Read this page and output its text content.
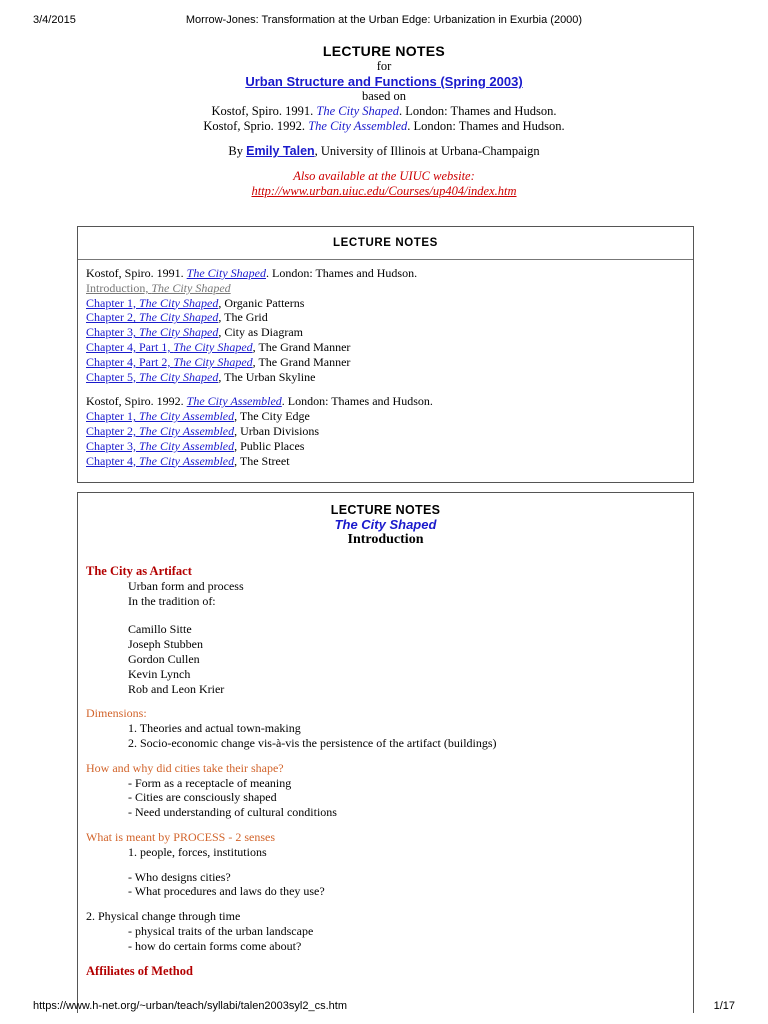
3/4/2015	Morrow-Jones: Transformation at the Urban Edge: Urbanization in Exurbia (2000)
LECTURE NOTES
for
Urban Structure and Functions (Spring 2003)
based on
Kostof, Spiro. 1991. The City Shaped. London: Thames and Hudson.
Kostof, Sprio. 1992. The City Assembled. London: Thames and Hudson.
By Emily Talen, University of Illinois at Urbana-Champaign
Also available at the UIUC website:
http://www.urban.uiuc.edu/Courses/up404/index.htm
LECTURE NOTES
Kostof, Spiro. 1991. The City Shaped. London: Thames and Hudson.
Introduction, The City Shaped
Chapter 1, The City Shaped, Organic Patterns
Chapter 2, The City Shaped, The Grid
Chapter 3, The City Shaped, City as Diagram
Chapter 4, Part 1, The City Shaped, The Grand Manner
Chapter 4, Part 2, The City Shaped, The Grand Manner
Chapter 5, The City Shaped, The Urban Skyline
Kostof, Spiro. 1992. The City Assembled. London: Thames and Hudson.
Chapter 1, The City Assembled, The City Edge
Chapter 2, The City Assembled, Urban Divisions
Chapter 3, The City Assembled, Public Places
Chapter 4, The City Assembled, The Street
LECTURE NOTES
The City Shaped
Introduction
The City as Artifact
Urban form and process
In the tradition of:
Camillo Sitte
Joseph Stubben
Gordon Cullen
Kevin Lynch
Rob and Leon Krier
Dimensions:
1. Theories and actual town-making
2. Socio-economic change vis-à-vis the persistence of the artifact (buildings)
How and why did cities take their shape?
- Form as a receptacle of meaning
- Cities are consciously shaped
- Need understanding of cultural conditions
What is meant by PROCESS - 2 senses
1. people, forces, institutions
- Who designs cities?
- What procedures and laws do they use?
2. Physical change through time
- physical traits of the urban landscape
- how do certain forms come about?
Affiliates of Method
https://www.h-net.org/~urban/teach/syllabi/talen2003syl2_cs.htm	1/17
